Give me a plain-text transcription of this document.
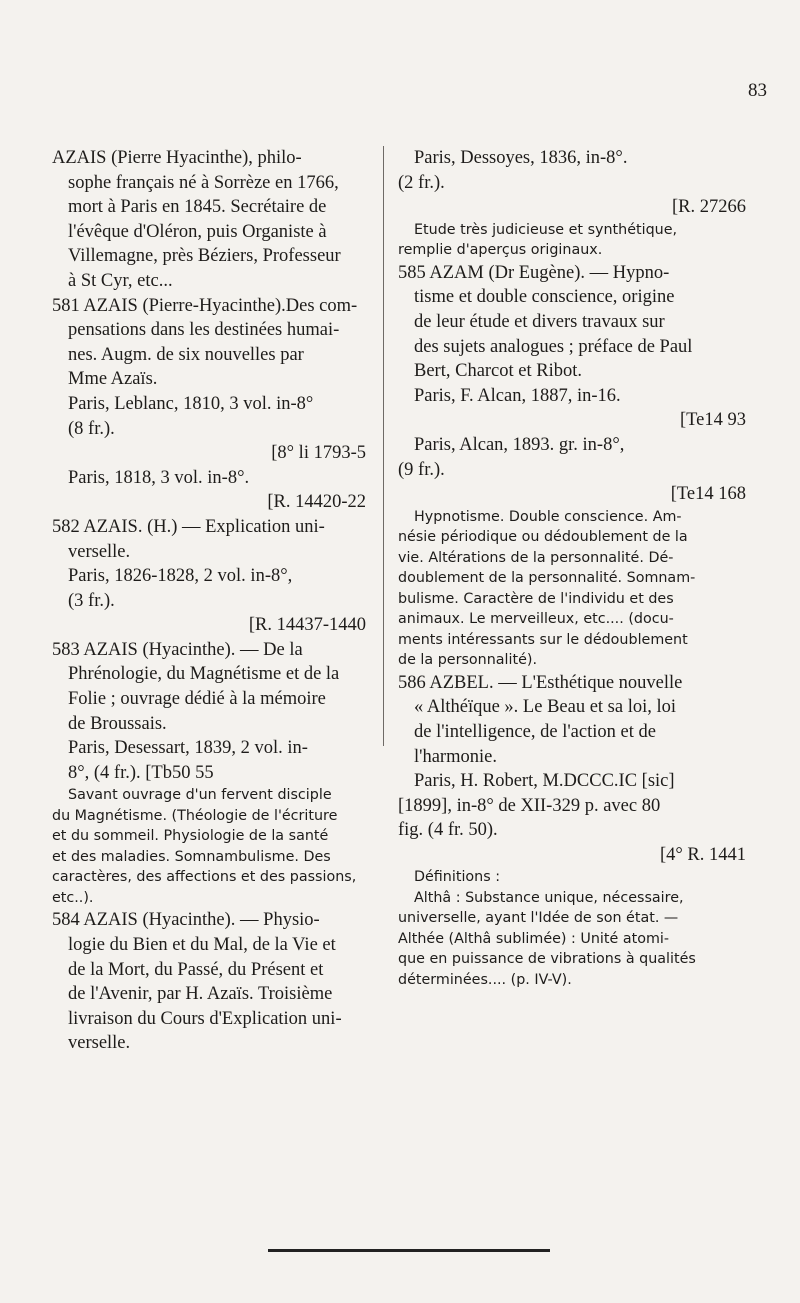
83

AZAIS (Pierre Hyacinthe), philo-

sophe français né à Sorrèze en 1766,

mort à Paris en 1845. Secrétaire de

l'évêque d'Oléron, puis Organiste à

Villemagne, près Béziers, Professeur

à St Cyr, etc...

581 AZAIS (Pierre-Hyacinthe).Des com-

pensations dans les destinées humai-

nes. Augm. de six nouvelles par

Mme Azaïs.

Paris, Leblanc, 1810, 3 vol. in-8°

(8 fr.).

[8° li 1793-5

Paris, 1818, 3 vol. in-8°.

[R. 14420-22

582 AZAIS. (H.) — Explication uni-

verselle.

Paris, 1826-1828, 2 vol. in-8°,

(3 fr.).

[R. 14437-1440

583 AZAIS (Hyacinthe). — De la

Phrénologie, du Magnétisme et de la

Folie ; ouvrage dédié à la mémoire

de Broussais.

Paris, Desessart, 1839, 2 vol. in-

8°, (4 fr.). [Tb50 55

Savant ouvrage d'un fervent disciple

du Magnétisme. (Théologie de l'écriture

et du sommeil. Physiologie de la santé

et des maladies. Somnambulisme. Des

caractères, des affections et des passions,

etc..).

584 AZAIS (Hyacinthe). — Physio-

logie du Bien et du Mal, de la Vie et

de la Mort, du Passé, du Présent et

de l'Avenir, par H. Azaïs. Troisième

livraison du Cours d'Explication uni-

verselle.

Paris, Dessoyes, 1836, in-8°.

(2 fr.).

[R. 27266

Etude très judicieuse et synthétique,

remplie d'aperçus originaux.

585 AZAM (Dr Eugène). — Hypno-

tisme et double conscience, origine

de leur étude et divers travaux sur

des sujets analogues ; préface de Paul

Bert, Charcot et Ribot.

Paris, F. Alcan, 1887, in-16.

[Te14 93

Paris, Alcan, 1893. gr. in-8°,

(9 fr.).

[Te14 168

Hypnotisme. Double conscience. Am-

nésie périodique ou dédoublement de la

vie. Altérations de la personnalité. Dé-

doublement de la personnalité. Somnam-

bulisme. Caractère de l'individu et des

animaux. Le merveilleux, etc.... (docu-

ments intéressants sur le dédoublement

de la personnalité).

586 AZBEL. — L'Esthétique nouvelle

« Althéïque ». Le Beau et sa loi, loi

de l'intelligence, de l'action et de

l'harmonie.

Paris, H. Robert, M.DCCC.IC [sic]

[1899], in-8° de XII-329 p. avec 80

fig. (4 fr. 50).

[4° R. 1441

Définitions :

Althâ : Substance unique, nécessaire,

universelle, ayant l'Idée de son état. —

Althée (Althâ sublimée) : Unité atomi-

que en puissance de vibrations à qualités

déterminées.... (p. IV-V).
